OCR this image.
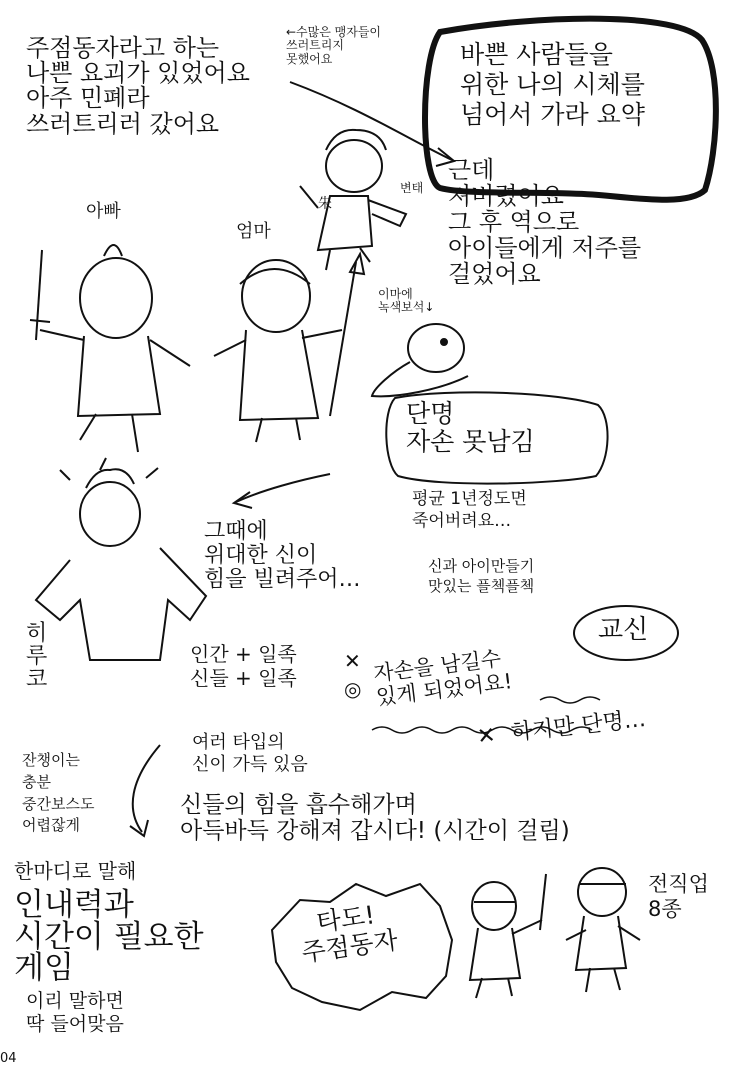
朱

주점동자라고 하는
나쁜 요괴가 있었어요
아주 민폐라
쓰러트리러 갔어요

←수많은 맹자들이
쓰러트리지
못했어요	바쁜 사람들을
위한 나의 시체를
넘어서 가라 요약

변태

근데
져버렸어요
그 후 역으로
아이들에게 저주를
걸었어요

아빠

엄마

이마에
녹색보석↓

단명
자손 못남김

평균 1년정도면
죽어버려요…

그때에
위대한 신이
힘을 빌려주어…

신과 아이만들기
맛있는 플첵플첵

히
루
코

교신

인간 + 일족
신들 + 일족

✕

◎

자손을 남길수
있게 되었어요!

✕ 하지만 단명…

잔챙이는
충분
중간보스도
어렵잖게

여러 타입의
신이 가득 있음

신들의 힘을 흡수해가며
아득바득 강해져 갑시다! (시간이 걸림)

한마디로 말해

인내력과
시간이 필요한
게임

이리 말하면
딱 들어맞음

타도!
주점동자

전직업
8종

04
